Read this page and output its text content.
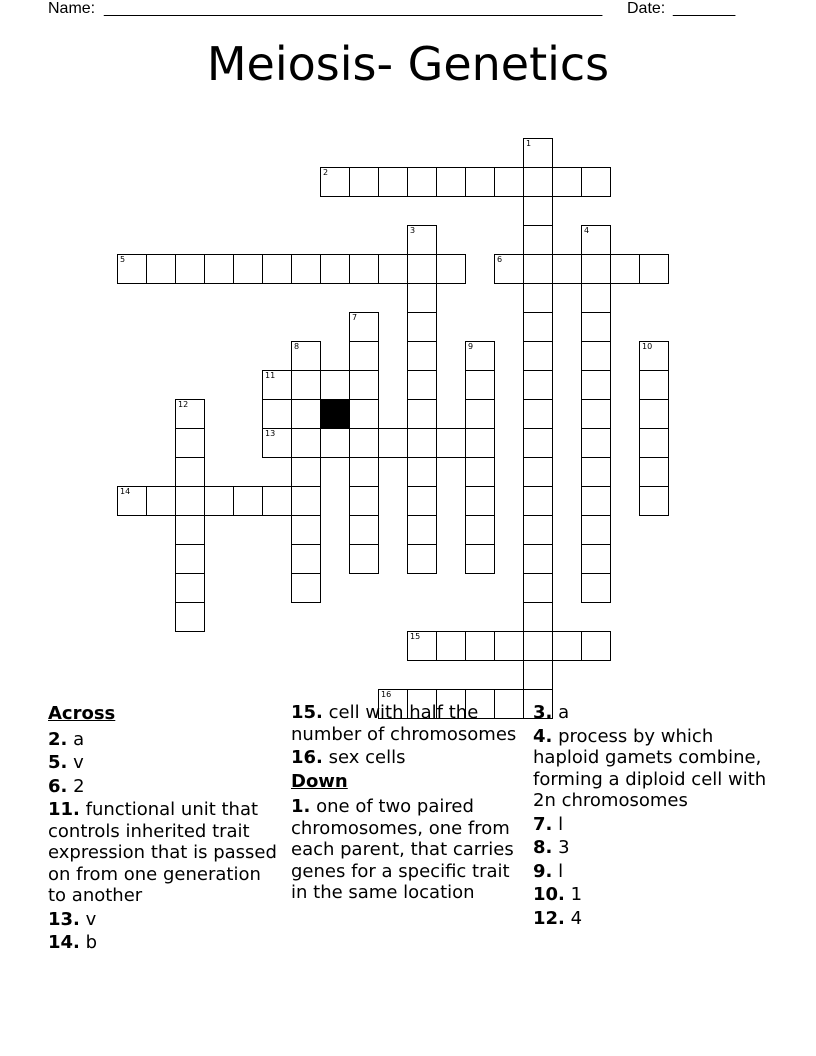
Name: ________________________________________________________ Date: _______
Meiosis- Genetics
1
2
3	4
5	6
7
8	9	10
11
12
13
14
15
16
Across
2. a
5. v
6. 2
11. functional unit that controls inherited trait expression that is passed on from one generation to another
13. v
14. b
15. cell with half the number of chromosomes
16. sex cells
Down
1. one of two paired chromosomes, one from each parent, that carries genes for a specific trait in the same location
3. a
4. process by which haploid gamets combine, forming a diploid cell with 2n chromosomes
7. l
8. 3
9. l
10. 1
12. 4
